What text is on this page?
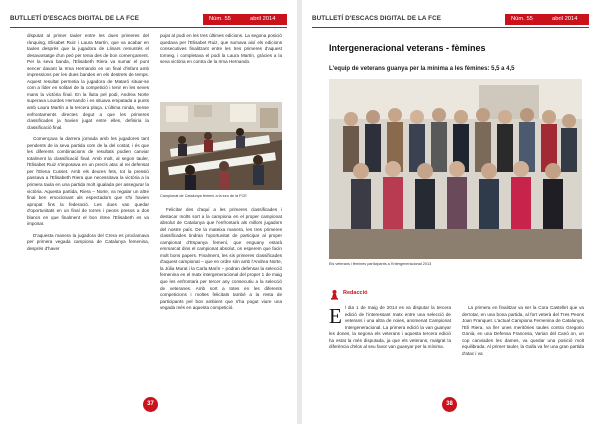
BUTLLETÍ D'ESCACS DIGITAL DE LA FCE	Núm. 55	abril 2014

disputat al primer tauler entre les dues primeres del rànquing, Elisabet Ruiz i Laura Martín, que va acabar en taules després que la jugadora de Llinars remuntés el desavantatge d'un peó per tenia des de bon començament. Per la seva banda, l'Elisabeth Riera va sumar el punt sencer davant la Irma Hernando en un final d'infant amb impressions per les dues bandes en els destrets de temps. Aquest resultat permetia la jugadora de Mataró situar-se com a líder en solitari de la competició i tenir en les seves mans la victòria final. En la lluita pel podi, Andrea Norte superava Lourdes Hernando i es situava empatada a punts amb Laura Martín a la tercera plaça. L'última ronda, sense enfrontaments directes degut a que les primeres classificades ja havien jugat entre elles, definiria la classificació final.

Començava la darrera jornada amb les jugadores tant pendents de la seva partida com de la del costat, i és que les diferents combinacions de resultats podien canviar totalment la classificació final. Amb molt, al segon tauler, l'Elisabet Ruiz s'imposava en un precís atac al rei defensat per l'Elena Cusset. Amb els deures fets, tot la pressió passava a l'Elisabeth Riera que necessitava la victòria a la primera taula en una partida molt igualada per assegurar la victòria. Aquesta partida, Riera – Norte, va regalar un altre final ben emocionant als espectadors que s'hi havien apropat fins la federació. Les dues van quedar d'oportunitats en un final de torres i peons presos a dos blancs en que finalment el bon ritme l'Elisabeth es va imposar.

D'aquesta manera la jugadora del Crera es proclamava per primera vegada campiona de Catalunya femenina, després d'haver

pujat al podi en les tres últimes edicions. La segona posició quedava per l'Elisabet Ruiz, que sumava així els edicions consecutives finalitzant entre les tres primeres d'aquest torneig, i completava el podi la Laura Martín, gràcies a la seva victòria en contra de la Irma Hernando.

Campionat de Catalunya femení a la seu de la FCE

Felicitar des d'aquí a les primeres classificades i destacar molts sort a la campiona en el proper campionat absolut de Catalunya que l'enfrontarà als millors jugadors del nostre país. De la mateixa manera, les tres primeres classificades tindran l'oportunitat de participar al proper campionat d'Espanya femení, que enguany estarà emmarcat dins el campionat absolut, on esperem que facin molt bons papers. Finalment, les sis primeres classificades d'aquest campionat – que en ordre són amb l'Andrea Norte, la Júlia Murat i la Carla Marín – podran defensar la selecció femenina en el matx intergeneracional del proper 1 de maig que les enfrontarà per tercer any consecutiu a la selecció de veteranes. Amb sort a totes en les diferents competicions i moltes felicitats també a la resta de participants pel bon ambient que s'ha pogut viure una vegada més en aquesta competició.

37
BUTLLETÍ D'ESCACS DIGITAL DE LA FCE	Núm. 55	abril 2014
Intergeneracional veterans - fèmines
L'equip de veterans guanya per la mínima a les fèmines: 5,5 a 4,5
Els veterans i fèmines participants a l'Intergeneracional 2013
Redacció

El dia 1 de maig de 2014 es va disputar la tercera edició de l'interessant matx entre una selecció de veterans i una altra de noies, anomenat Campionat Intergeneracional. La primera edició la van guanyar les dones, la segona els veterans i aquesta tercera edició ha estat la més disputada, ja que els veterans, malgrat la diferència d'elos al seu favor van guanyar per la mínima.

La primera en finalitzar va ser la Cora Castellet que va derrotar, en una bona partida, al fort veterà del Tres Peons Joan Franquet. L'actual Campiona Femenina de Catalunya, l'Eli Riera, va ller unes meritòries taules contra Gregorio Gonià, en una Defensa Francesa, Varian del Canó on, un cop canviades les dames, va quedar una posició molt equilibrada. Al primer tauler, la Galla va fer una gran partida d'atac i va

38
